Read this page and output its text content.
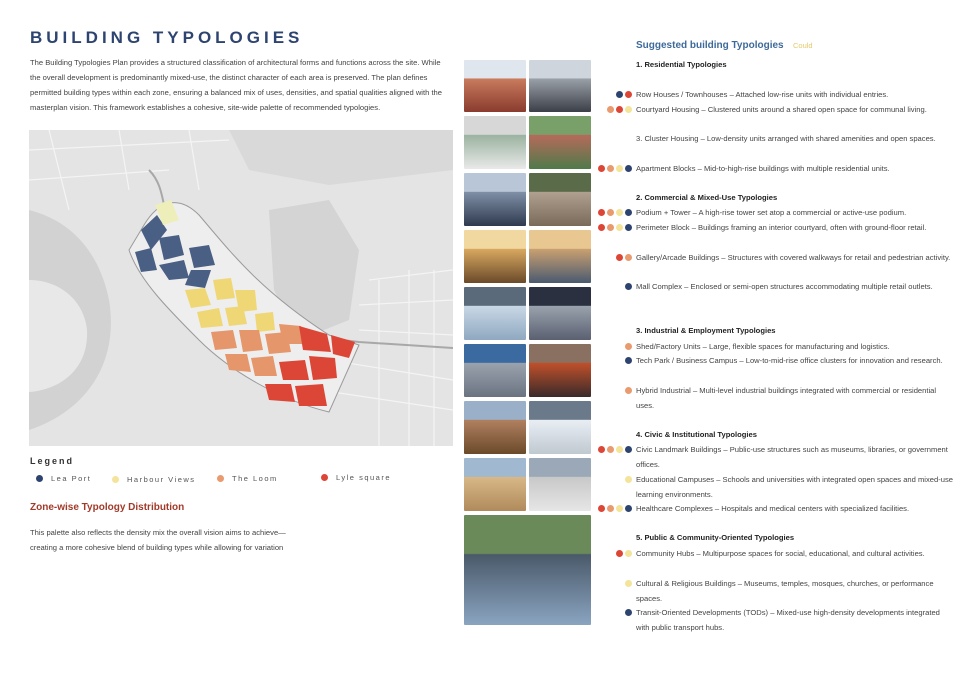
BUILDING TYPOLOGIES
The Building Typologies Plan provides a structured classification of architectural forms and functions across the site. While the overall development is predominantly mixed-use, the distinct character of each area is preserved. The plan defines permitted building types within each zone, ensuring a balanced mix of uses, densities, and spatial qualities aligned with the masterplan vision. This framework establishes a cohesive, site-wide palette of recommended typologies.
Legend
Lea Port	Harbour Views	The Loom	Lyle square
Zone-wise Typology Distribution
This palette also reflects the density mix the overall vision aims to achieve—creating a more cohesive blend of building types while allowing for variation
Suggested building Typologies Could
1. Residential Typologies
Row Houses / Townhouses – Attached low-rise units with individual entries.
Courtyard Housing – Clustered units around a shared open space for communal living.
3. Cluster Housing – Low-density units arranged with shared amenities and open spaces.
Apartment Blocks – Mid-to-high-rise buildings with multiple residential units.
2. Commercial & Mixed-Use Typologies
Podium + Tower – A high-rise tower set atop a commercial or active-use podium.
Perimeter Block – Buildings framing an interior courtyard, often with ground-floor retail.
Gallery/Arcade Buildings – Structures with covered walkways for retail and pedestrian activity.
Mall Complex – Enclosed or semi-open structures accommodating multiple retail outlets.
3. Industrial & Employment Typologies
Shed/Factory Units – Large, flexible spaces for manufacturing and logistics.
Tech Park / Business Campus – Low-to-mid-rise office clusters for innovation and research.
Hybrid Industrial – Multi-level industrial buildings integrated with commercial or residential uses.
4. Civic & Institutional Typologies
Civic Landmark Buildings – Public-use structures such as museums, libraries, or government offices.
Educational Campuses – Schools and universities with integrated open spaces and mixed-use learning environments.
Healthcare Complexes – Hospitals and medical centers with specialized facilities.
5. Public & Community-Oriented Typologies
Community Hubs – Multipurpose spaces for social, educational, and cultural activities.
Cultural & Religious Buildings – Museums, temples, mosques, churches, or performance spaces.
Transit-Oriented Developments (TODs) – Mixed-use high-density developments integrated with public transport hubs.
